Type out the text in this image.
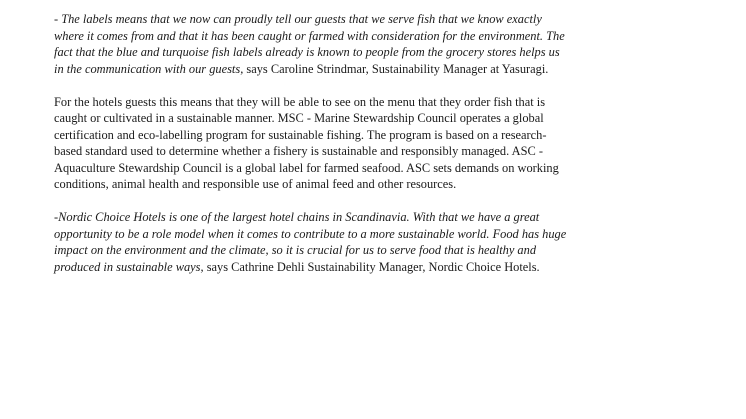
- The labels means that we now can proudly tell our guests that we serve fish that we know exactly where it comes from and that it has been caught or farmed with consideration for the environment. The fact that the blue and turquoise fish labels already is known to people from the grocery stores helps us in the communication with our guests, says Caroline Strindmar, Sustainability Manager at Yasuragi.

For the hotels guests this means that they will be able to see on the menu that they order fish that is caught or cultivated in a sustainable manner. MSC - Marine Stewardship Council operates a global certification and eco-labelling program for sustainable fishing. The program is based on a research-based standard used to determine whether a fishery is sustainable and responsibly managed. ASC - Aquaculture Stewardship Council is a global label for farmed seafood. ASC sets demands on working conditions, animal health and responsible use of animal feed and other resources.

-Nordic Choice Hotels is one of the largest hotel chains in Scandinavia. With that we have a great opportunity to be a role model when it comes to contribute to a more sustainable world. Food has huge impact on the environment and the climate, so it is crucial for us to serve food that is healthy and produced in sustainable ways, says Cathrine Dehli Sustainability Manager, Nordic Choice Hotels.
